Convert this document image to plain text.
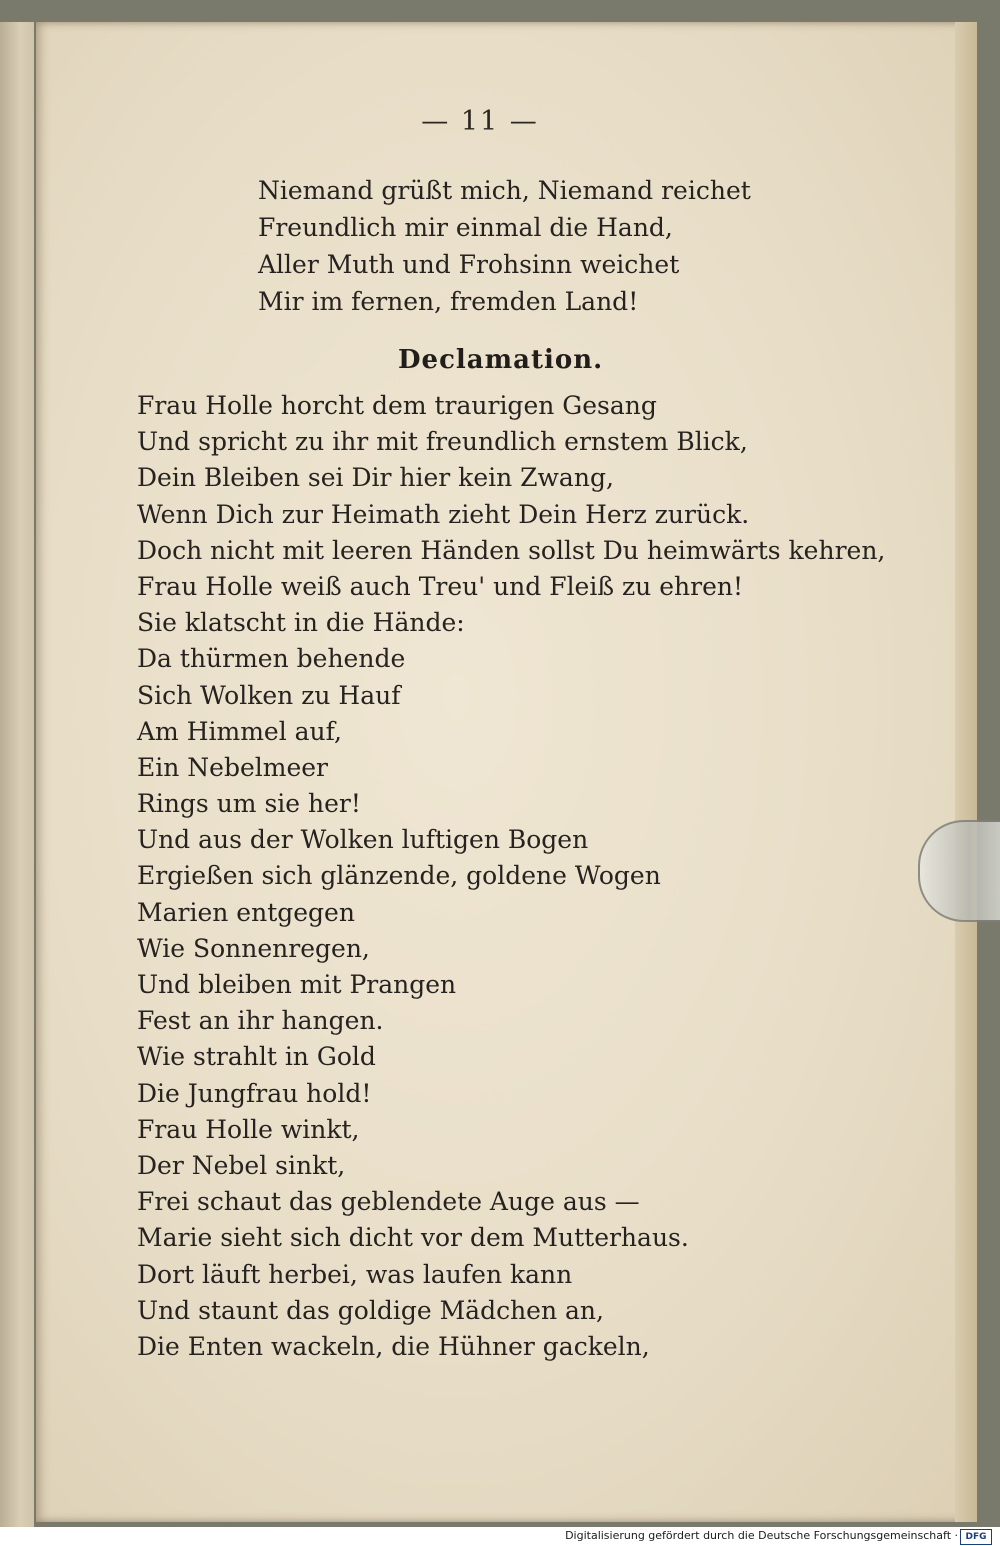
— 11 —
Niemand grüßt mich, Niemand reichet
Freundlich mir einmal die Hand,
Aller Muth und Frohsinn weichet
Mir im fernen, fremden Land!
Declamation.
Frau Holle horcht dem traurigen Gesang
Und spricht zu ihr mit freundlich ernstem Blick,
Dein Bleiben sei Dir hier kein Zwang,
Wenn Dich zur Heimath zieht Dein Herz zurück.
Doch nicht mit leeren Händen sollst Du heimwärts kehren,
Frau Holle weiß auch Treu' und Fleiß zu ehren!
Sie klatscht in die Hände:
Da thürmen behende
Sich Wolken zu Hauf
Am Himmel auf,
Ein Nebelmeer
Rings um sie her!
Und aus der Wolken luftigen Bogen
Ergießen sich glänzende, goldene Wogen
Marien entgegen
Wie Sonnenregen,
Und bleiben mit Prangen
Fest an ihr hangen.
Wie strahlt in Gold
Die Jungfrau hold!
Frau Holle winkt,
Der Nebel sinkt,
Frei schaut das geblendete Auge aus —
Marie sieht sich dicht vor dem Mutterhaus.
Dort läuft herbei, was laufen kann
Und staunt das goldige Mädchen an,
Die Enten wackeln, die Hühner gackeln,
Digitalisierung gefördert durch die Deutsche Forschungsgemeinschaft · DFG
